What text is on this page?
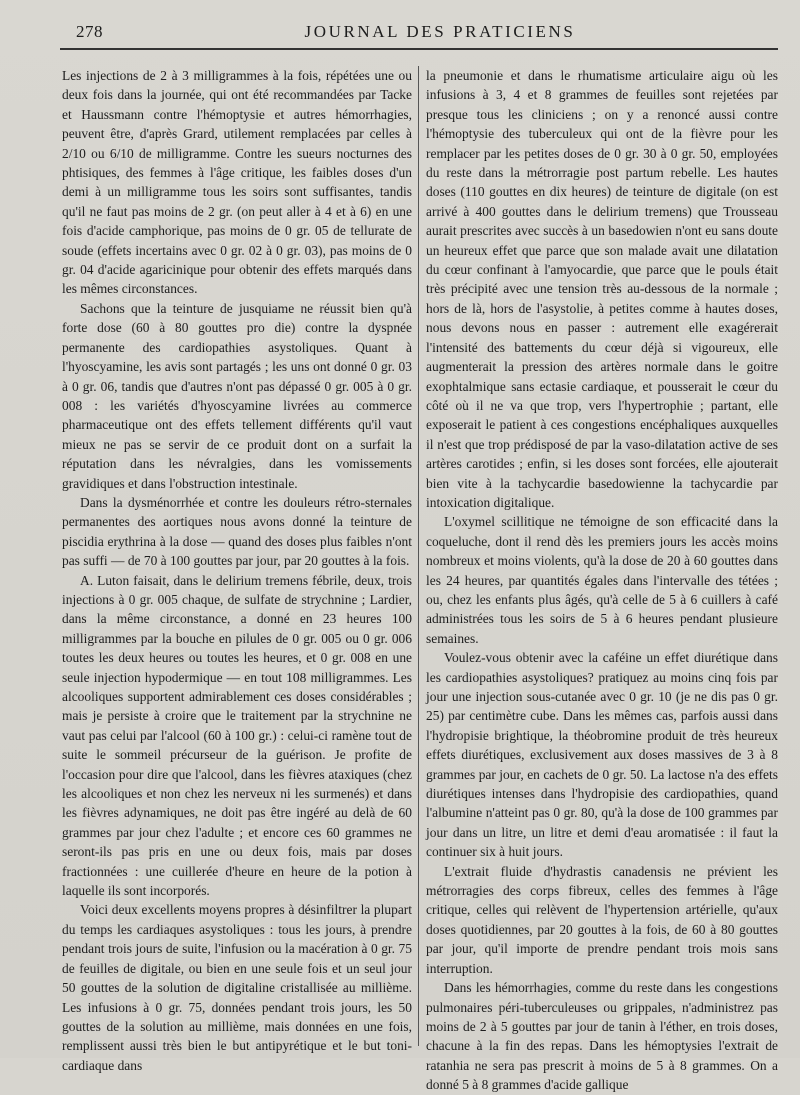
278	JOURNAL DES PRATICIENS

Les injections de 2 à 3 milligrammes à la fois, répétées une ou deux fois dans la journée, qui ont été recommandées par Tacke et Haussmann contre l'hémoptysie et autres hémorrhagies, peuvent être, d'après Grard, utilement remplacées par celles à 2/10 ou 6/10 de milligramme. Contre les sueurs nocturnes des phtisiques, des femmes à l'âge critique, les faibles doses d'un demi à un milligramme tous les soirs sont suffisantes, tandis qu'il ne faut pas moins de 2 gr. (on peut aller à 4 et à 6) en une fois d'acide camphorique, pas moins de 0 gr. 05 de tellurate de soude (effets incertains avec 0 gr. 02 à 0 gr. 03), pas moins de 0 gr. 04 d'acide agaricinique pour obtenir des effets marqués dans les mêmes circonstances.

Sachons que la teinture de jusquiame ne réussit bien qu'à forte dose (60 à 80 gouttes pro die) contre la dyspnée permanente des cardiopathies asystoliques. Quant à l'hyoscyamine, les avis sont partagés ; les uns ont donné 0 gr. 03 à 0 gr. 06, tandis que d'autres n'ont pas dépassé 0 gr. 005 à 0 gr. 008 : les variétés d'hyoscyamine livrées au commerce pharmaceutique ont des effets tellement différents qu'il vaut mieux ne pas se servir de ce produit dont on a surfait la réputation dans les névralgies, dans les vomissements gravidiques et dans l'obstruction intestinale.

Dans la dysménorrhée et contre les douleurs rétro-sternales permanentes des aortiques nous avons donné la teinture de piscidia erythrina à la dose — quand des doses plus faibles n'ont pas suffi — de 70 à 100 gouttes par jour, par 20 gouttes à la fois.

A. Luton faisait, dans le delirium tremens fébrile, deux, trois injections à 0 gr. 005 chaque, de sulfate de strychnine ; Lardier, dans la même circonstance, a donné en 23 heures 100 milligrammes par la bouche en pilules de 0 gr. 005 ou 0 gr. 006 toutes les deux heures ou toutes les heures, et 0 gr. 008 en une seule injection hypodermique — en tout 108 milligrammes. Les alcooliques supportent admirablement ces doses considérables ; mais je persiste à croire que le traitement par la strychnine ne vaut pas celui par l'alcool (60 à 100 gr.) : celui-ci ramène tout de suite le sommeil précurseur de la guérison. Je profite de l'occasion pour dire que l'alcool, dans les fièvres ataxiques (chez les alcooliques et non chez les nerveux ni les surmenés) et dans les fièvres adynamiques, ne doit pas être ingéré au delà de 60 grammes par jour chez l'adulte ; et encore ces 60 grammes ne seront-ils pas pris en une ou deux fois, mais par doses fractionnées : une cuillerée d'heure en heure de la potion à laquelle ils sont incorporés.

Voici deux excellents moyens propres à désinfiltrer la plupart du temps les cardiaques asystoliques : tous les jours, à prendre pendant trois jours de suite, l'infusion ou la macération à 0 gr. 75 de feuilles de digitale, ou bien en une seule fois et un seul jour 50 gouttes de la solution de digitaline cristallisée au millième. Les infusions à 0 gr. 75, données pendant trois jours, les 50 gouttes de la solution au millième, mais données en une fois, remplissent aussi très bien le but antipyrétique et le but toni-cardiaque dans

la pneumonie et dans le rhumatisme articulaire aigu où les infusions à 3, 4 et 8 grammes de feuilles sont rejetées par presque tous les cliniciens ; on y a renoncé aussi contre l'hémoptysie des tuberculeux qui ont de la fièvre pour les remplacer par les petites doses de 0 gr. 30 à 0 gr. 50, employées du reste dans la métrorragie post partum rebelle. Les hautes doses (110 gouttes en dix heures) de teinture de digitale (on est arrivé à 400 gouttes dans le delirium tremens) que Trousseau aurait prescrites avec succès à un basedowien n'ont eu sans doute un heureux effet que parce que son malade avait une dilatation du cœur confinant à l'amyocardie, que parce que le pouls était très précipité avec une tension très au-dessous de la normale ; hors de là, hors de l'asystolie, à petites comme à hautes doses, nous devons nous en passer : autrement elle exagérerait l'intensité des battements du cœur déjà si vigoureux, elle augmenterait la pression des artères normale dans le goitre exophtalmique sans ectasie cardiaque, et pousserait le cœur du côté où il ne va que trop, vers l'hypertrophie ; partant, elle exposerait le patient à ces congestions encéphaliques auxquelles il n'est que trop prédisposé de par la vaso-dilatation active de ses artères carotides ; enfin, si les doses sont forcées, elle ajouterait bien vite à la tachycardie basedowienne la tachycardie par intoxication digitalique.

L'oxymel scillitique ne témoigne de son efficacité dans la coqueluche, dont il rend dès les premiers jours les accès moins nombreux et moins violents, qu'à la dose de 20 à 60 gouttes dans les 24 heures, par quantités égales dans l'intervalle des tétées ; ou, chez les enfants plus âgés, qu'à celle de 5 à 6 cuillers à café administrées tous les soirs de 5 à 6 heures pendant plusieure semaines.

Voulez-vous obtenir avec la caféine un effet diurétique dans les cardiopathies asystoliques? pratiquez au moins cinq fois par jour une injection sous-cutanée avec 0 gr. 10 (je ne dis pas 0 gr. 25) par centimètre cube. Dans les mêmes cas, parfois aussi dans l'hydropisie brightique, la théobromine produit de très heureux effets diurétiques, exclusivement aux doses massives de 3 à 8 grammes par jour, en cachets de 0 gr. 50. La lactose n'a des effets diurétiques intenses dans l'hydropisie des cardiopathies, quand l'albumine n'atteint pas 0 gr. 80, qu'à la dose de 100 grammes par jour dans un litre, un litre et demi d'eau aromatisée : il faut la continuer six à huit jours.

L'extrait fluide d'hydrastis canadensis ne prévient les métrorragies des corps fibreux, celles des femmes à l'âge critique, celles qui relèvent de l'hypertension artérielle, qu'aux doses quotidiennes, par 20 gouttes à la fois, de 60 à 80 gouttes par jour, qu'il importe de prendre pendant trois mois sans interruption.

Dans les hémorrhagies, comme du reste dans les congestions pulmonaires péri-tuberculeuses ou grippales, n'administrez pas moins de 2 à 5 gouttes par jour de tanin à l'éther, en trois doses, chacune à la fin des repas. Dans les hémoptysies l'extrait de ratanhia ne sera pas prescrit à moins de 5 à 8 grammes. On a donné 5 à 8 grammes d'acide gallique
